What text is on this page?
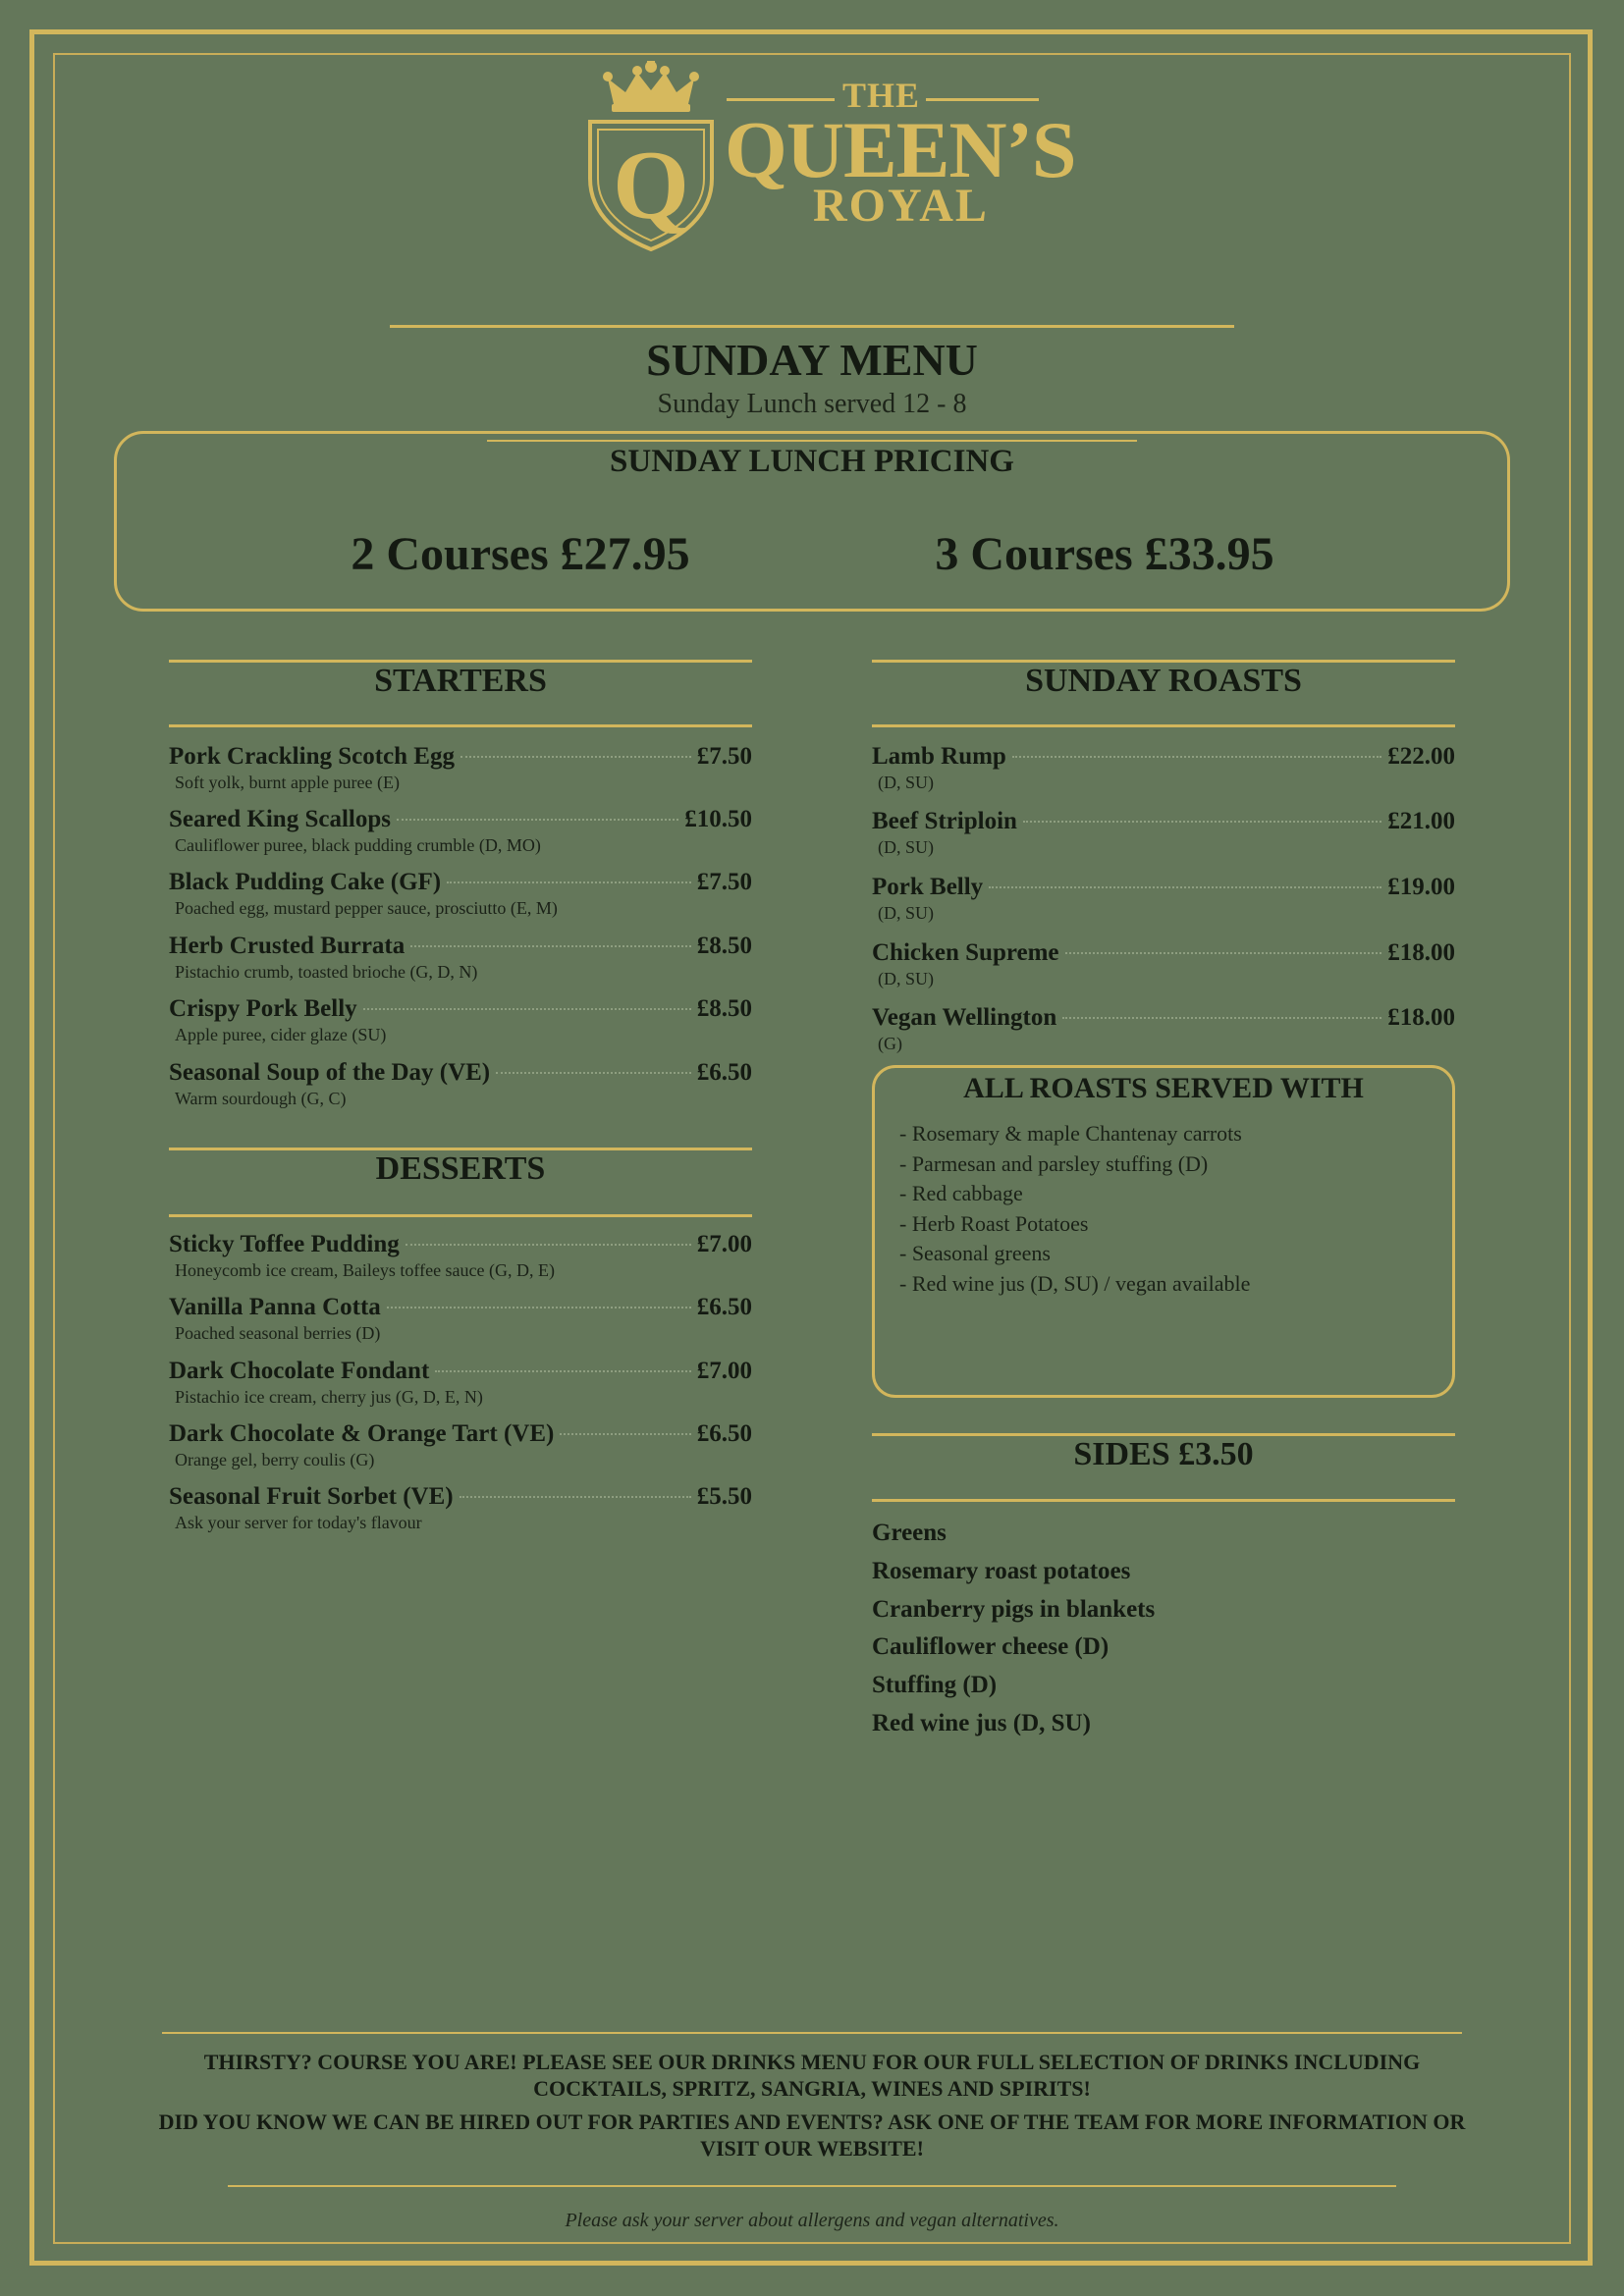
Q
THE
QUEEN’S
ROYAL
SUNDAY MENU
Sunday Lunch served 12 - 8
SUNDAY LUNCH PRICING
2 Courses £27.95	3 Courses £33.95
STARTERS
Pork Crackling Scotch Egg	£7.50
Soft yolk, burnt apple puree (E)
Seared King Scallops	£10.50
Cauliflower puree, black pudding crumble (D, MO)
Black Pudding Cake (GF)	£7.50
Poached egg, mustard pepper sauce, prosciutto (E, M)
Herb Crusted Burrata	£8.50
Pistachio crumb, toasted brioche (G, D, N)
Crispy Pork Belly	£8.50
Apple puree, cider glaze (SU)
Seasonal Soup of the Day (VE)	£6.50
Warm sourdough (G, C)
DESSERTS
Sticky Toffee Pudding	£7.00
Honeycomb ice cream, Baileys toffee sauce (G, D, E)
Vanilla Panna Cotta	£6.50
Poached seasonal berries (D)
Dark Chocolate Fondant	£7.00
Pistachio ice cream, cherry jus (G, D, E, N)
Dark Chocolate & Orange Tart (VE)	£6.50
Orange gel, berry coulis (G)
Seasonal Fruit Sorbet (VE)	£5.50
Ask your server for today's flavour
SUNDAY ROASTS
Lamb Rump	£22.00
(D, SU)
Beef Striploin	£21.00
(D, SU)
Pork Belly	£19.00
(D, SU)
Chicken Supreme	£18.00
(D, SU)
Vegan Wellington	£18.00
(G)
ALL ROASTS SERVED WITH
- Rosemary & maple Chantenay carrots
- Parmesan and parsley stuffing (D)
- Red cabbage
- Herb Roast Potatoes
- Seasonal greens
- Red wine jus (D, SU) / vegan available
SIDES £3.50
Greens
Rosemary roast potatoes
Cranberry pigs in blankets
Cauliflower cheese (D)
Stuffing (D)
Red wine jus (D, SU)
THIRSTY? COURSE YOU ARE! PLEASE SEE OUR DRINKS MENU FOR OUR FULL SELECTION OF DRINKS INCLUDING COCKTAILS, SPRITZ, SANGRIA, WINES AND SPIRITS!
DID YOU KNOW WE CAN BE HIRED OUT FOR PARTIES AND EVENTS? ASK ONE OF THE TEAM FOR MORE INFORMATION OR VISIT OUR WEBSITE!
Please ask your server about allergens and vegan alternatives.
